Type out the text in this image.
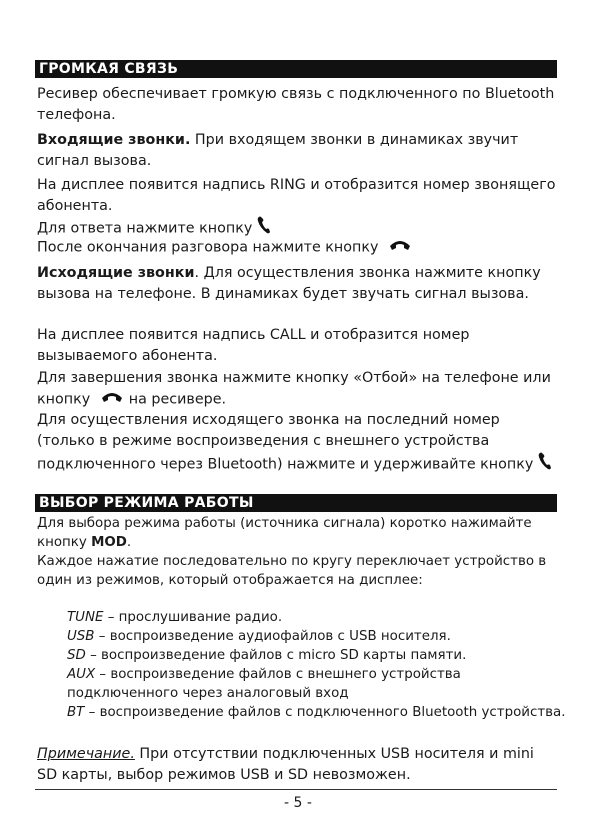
ГРОМКАЯ СВЯЗЬ

Ресивер обеспечивает громкую связь с подключенного по Bluetooth телефона.

Входящие звонки. При входящем звонки в динамиках звучит сигнал вызова.

На дисплее появится надпись RING и отобразится номер звонящего абонента.

Для ответа нажмите кнопку

После окончания разговора нажмите кнопку

Исходящие звонки. Для осуществления звонка нажмите кнопку вызова на телефоне. В динамиках будет звучать сигнал вызова.

На дисплее появится надпись CALL и отобразится номер вызываемого абонента.

Для завершения звонка нажмите кнопку «Отбой» на телефоне или кнопку	на ресивере.

Для осуществления исходящего звонка на последний номер (только в режиме воспроизведения с внешнего устройства подключенного через Bluetooth) нажмите и удерживайте кнопку

ВЫБОР РЕЖИМА РАБОТЫ

Для выбора режима работы (источника сигнала) коротко нажимайте кнопку MOD.

Каждое нажатие последовательно по кругу переключает устройство в один из режимов, который отображается на дисплее:

TUNE – прослушивание радио.

USB – воспроизведение аудиофайлов с USB носителя.

SD – воспроизведение файлов с micro SD карты памяти.

AUX – воспроизведение файлов с внешнего устройства подключенного через аналоговый вход

BT – воспроизведение файлов с подключенного Bluetooth устройства.

Примечание. При отсутствии подключенных USB носителя и mini SD карты, выбор режимов USB и SD невозможен.

- 5 -
